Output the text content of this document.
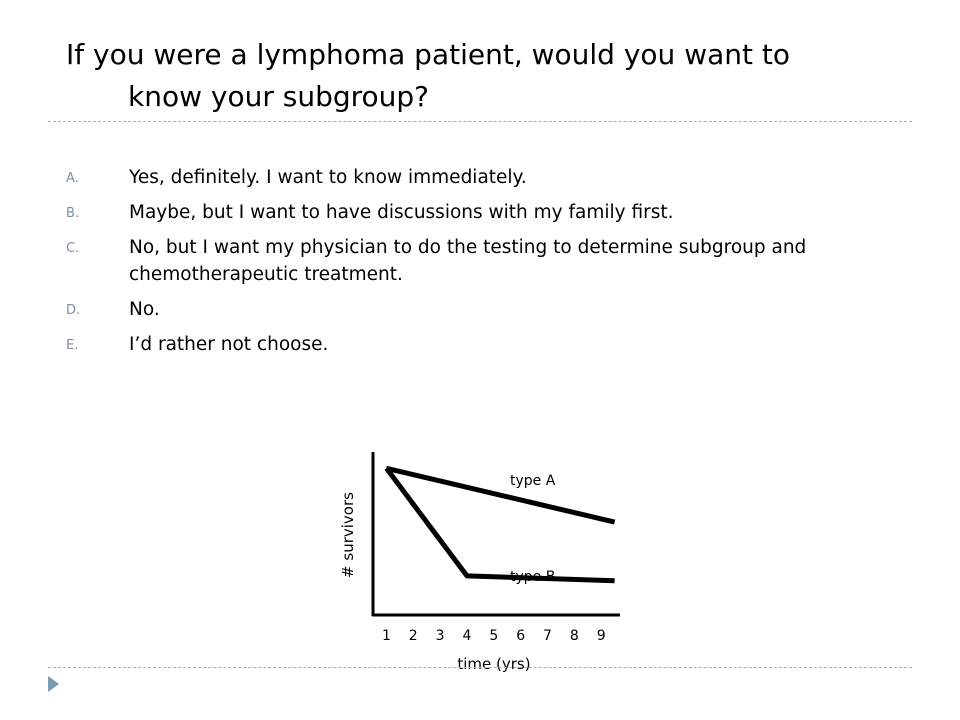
If you were a lymphoma patient, would you want to
know your subgroup?
A.	Yes, definitely. I want to know immediately.
B.	Maybe, but I want to have discussions with my family first.
C.	No, but I want my physician to do the testing to determine subgroup and chemotherapeutic treatment.
D.	No.
E.	I’d rather not choose.
# survivors
time (yrs)
1 2 3 4 5 6 7 8 9
type A
type B
